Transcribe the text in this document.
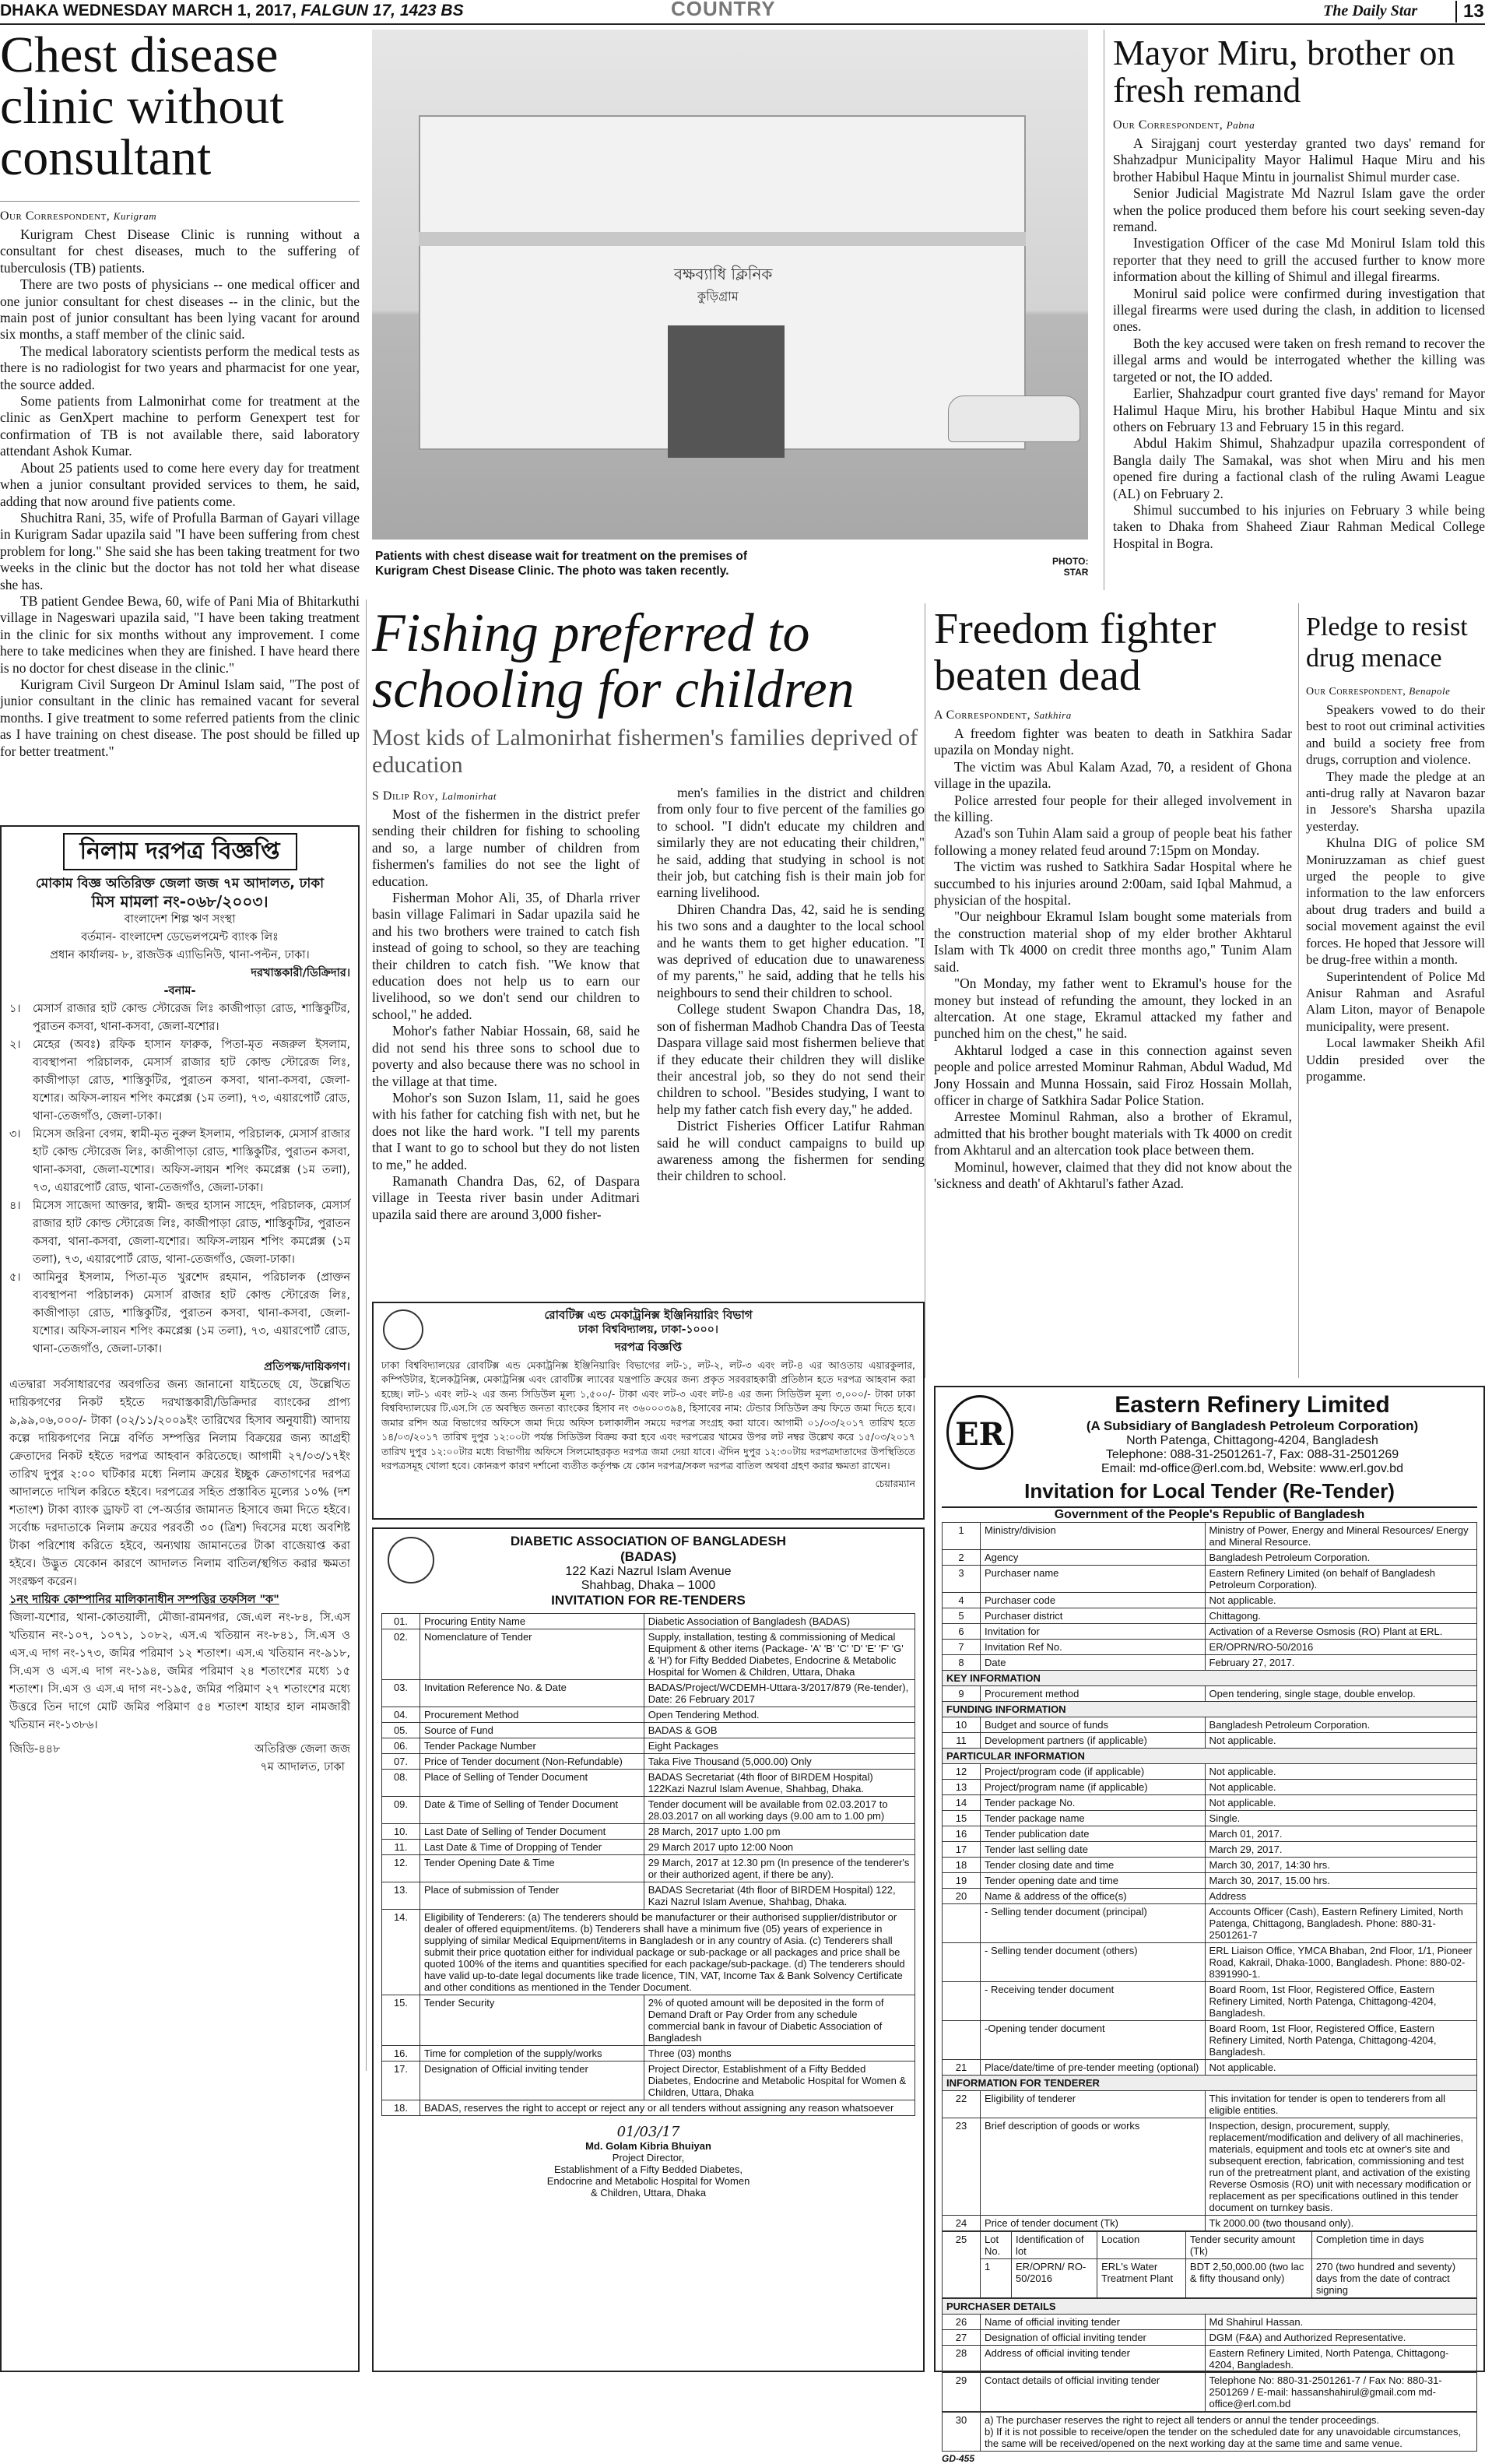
DHAKA WEDNESDAY MARCH 1, 2017, FALGUN 17, 1423 BS	COUNTRY	The Daily Star	13
Chest disease clinic without consultant
Our Correspondent, Kurigram

Kurigram Chest Disease Clinic is running without a consultant for chest diseases, much to the suffering of tuberculosis (TB) patients.

There are two posts of physicians -- one medical officer and one junior consultant for chest diseases -- in the clinic, but the main post of junior consultant has been lying vacant for around six months, a staff member of the clinic said.

The medical laboratory scientists perform the medical tests as there is no radiologist for two years and pharmacist for one year, the source added.

Some patients from Lalmonirhat come for treatment at the clinic as GenXpert machine to perform Genexpert test for confirmation of TB is not available there, said laboratory attendant Ashok Kumar.

About 25 patients used to come here every day for treatment when a junior consultant provided services to them, he said, adding that now around five patients come.

Shuchitra Rani, 35, wife of Profulla Barman of Gayari village in Kurigram Sadar upazila said "I have been suffering from chest problem for long." She said she has been taking treatment for two weeks in the clinic but the doctor has not told her what disease she has.

TB patient Gendee Bewa, 60, wife of Pani Mia of Bhitarkuthi village in Nageswari upazila said, "I have been taking treatment in the clinic for six months without any improvement. I come here to take medicines when they are finished. I have heard there is no doctor for chest disease in the clinic."

Kurigram Civil Surgeon Dr Aminul Islam said, "The post of junior consultant in the clinic has remained vacant for several months. I give treatment to some referred patients from the clinic as I have training on chest disease. The post should be filled up for better treatment."

বক্ষব্যাধি ক্লিনিক
কুড়িগ্রাম
Patients with chest disease wait for treatment on the premises of Kurigram Chest Disease Clinic. The photo was taken recently.
PHOTO:
STAR
Mayor Miru, brother on fresh remand
Our Correspondent, Pabna

A Sirajganj court yesterday granted two days' remand for Shahzadpur Municipality Mayor Halimul Haque Miru and his brother Habibul Haque Mintu in journalist Shimul murder case.

Senior Judicial Magistrate Md Nazrul Islam gave the order when the police produced them before his court seeking seven-day remand.

Investigation Officer of the case Md Monirul Islam told this reporter that they need to grill the accused further to know more information about the killing of Shimul and illegal firearms.

Monirul said police were confirmed during investigation that illegal firearms were used during the clash, in addition to licensed ones.

Both the key accused were taken on fresh remand to recover the illegal arms and would be interrogated whether the killing was targeted or not, the IO added.

Earlier, Shahzadpur court granted five days' remand for Mayor Halimul Haque Miru, his brother Habibul Haque Mintu and six others on February 13 and February 15 in this regard.

Abdul Hakim Shimul, Shahzadpur upazila correspondent of Bangla daily The Samakal, was shot when Miru and his men opened fire during a factional clash of the ruling Awami League (AL) on February 2.

Shimul succumbed to his injuries on February 3 while being taken to Dhaka from Shaheed Ziaur Rahman Medical College Hospital in Bogra.

Fishing preferred to schooling for children
Most kids of Lalmonirhat fishermen's families deprived of education
S Dilip Roy, Lalmonirhat

Most of the fishermen in the district prefer sending their children for fishing to schooling and so, a large number of children from fishermen's families do not see the light of education.

Fisherman Mohor Ali, 35, of Dharla rriver basin village Falimari in Sadar upazila said he and his two brothers were trained to catch fish instead of going to school, so they are teaching their children to catch fish. "We know that education does not help us to earn our livelihood, so we don't send our children to school," he added.

Mohor's father Nabiar Hossain, 68, said he did not send his three sons to school due to poverty and also because there was no school in the village at that time.

Mohor's son Suzon Islam, 11, said he goes with his father for catching fish with net, but he does not like the hard work. "I tell my parents that I want to go to school but they do not listen to me," he added.

Ramanath Chandra Das, 62, of Daspara village in Teesta river basin under Aditmari upazila said there are around 3,000 fisher-

men's families in the district and children from only four to five percent of the families go to school. "I didn't educate my children and similarly they are not educating their children," he said, adding that studying in school is not their job, but catching fish is their main job for earning livelihood.

Dhiren Chandra Das, 42, said he is sending his two sons and a daughter to the local school and he wants them to get higher education. "I was deprived of education due to unawareness of my parents," he said, adding that he tells his neighbours to send their children to school.

College student Swapon Chandra Das, 18, son of fisherman Madhob Chandra Das of Teesta Daspara village said most fishermen believe that if they educate their children they will dislike their ancestral job, so they do not send their children to school. "Besides studying, I want to help my father catch fish every day," he added.

District Fisheries Officer Latifur Rahman said he will conduct campaigns to build up awareness among the fishermen for sending their children to school.

Freedom fighter beaten dead
A Correspondent, Satkhira

A freedom fighter was beaten to death in Satkhira Sadar upazila on Monday night.

The victim was Abul Kalam Azad, 70, a resident of Ghona village in the upazila.

Police arrested four people for their alleged involvement in the killing.

Azad's son Tuhin Alam said a group of people beat his father following a money related feud around 7:15pm on Monday.

The victim was rushed to Satkhira Sadar Hospital where he succumbed to his injuries around 2:00am, said Iqbal Mahmud, a physician of the hospital.

"Our neighbour Ekramul Islam bought some materials from the construction material shop of my elder brother Akhtarul Islam with Tk 4000 on credit three months ago," Tunim Alam said.

"On Monday, my father went to Ekramul's house for the money but instead of refunding the amount, they locked in an altercation. At one stage, Ekramul attacked my father and punched him on the chest," he said.

Akhtarul lodged a case in this connection against seven people and police arrested Mominur Rahman, Abdul Wadud, Md Jony Hossain and Munna Hossain, said Firoz Hossain Mollah, officer in charge of Satkhira Sadar Police Station.

Arrestee Mominul Rahman, also a brother of Ekramul, admitted that his brother bought materials with Tk 4000 on credit from Akhtarul and an altercation took place between them.

Mominul, however, claimed that they did not know about the 'sickness and death' of Akhtarul's father Azad.

Pledge to resist drug menace
Our Correspondent, Benapole

Speakers vowed to do their best to root out criminal activities and build a society free from drugs, corruption and violence.

They made the pledge at an anti-drug rally at Navaron bazar in Jessore's Sharsha upazila yesterday.

Khulna DIG of police SM Moniruzzaman as chief guest urged the people to give information to the law enforcers about drug traders and build a social movement against the evil forces. He hoped that Jessore will be drug-free within a month.

Superintendent of Police Md Anisur Rahman and Asraful Alam Liton, mayor of Benapole municipality, were present.

Local lawmaker Sheikh Afil Uddin presided over the progamme.

নিলাম দরপত্র বিজ্ঞপ্তি
মোকাম বিজ্ঞ অতিরিক্ত জেলা জজ ৭ম আদালত, ঢাকা
মিস মামলা নং-০৬৮/২০০৩।
বাংলাদেশ শিল্প ঋণ সংস্থা
বর্তমান- বাংলাদেশ ডেভেলপমেন্ট ব্যাংক লিঃ
প্রধান কার্যালয়- ৮, রাজউক এ্যাভিনিউ, থানা-পল্টন, ঢাকা।
দরখাস্তকারী/ডিক্রিদার।
-বনাম-
১।	মেসার্স রাজার হাট কোল্ড স্টোরেজ লিঃ কাজীপাড়া রোড, শাস্তিকুটির, পুরাতন কসবা, থানা-কসবা, জেলা-যশোর।
২।	মেহের (অবঃ) রফিক হাসান ফারুক, পিতা-মৃত নজরুল ইসলাম, ব্যবস্থাপনা পরিচালক, মেসার্স রাজার হাট কোল্ড স্টোরেজ লিঃ, কাজীপাড়া রোড, শাস্তিকুটির, পুরাতন কসবা, থানা-কসবা, জেলা-যশোর। অফিস-লায়ন শপিং কমপ্লেক্স (১ম তলা), ৭৩, এয়ারপোর্ট রোড, থানা-তেজগাঁও, জেলা-ঢাকা।
৩।	মিসেস জরিনা বেগম, স্বামী-মৃত নুরুল ইসলাম, পরিচালক, মেসার্স রাজার হাট কোল্ড স্টোরেজ লিঃ, কাজীপাড়া রোড, শাস্তিকুটির, পুরাতন কসবা, থানা-কসবা, জেলা-যশোর। অফিস-লায়ন শপিং কমপ্লেক্স (১ম তলা), ৭৩, এয়ারপোর্ট রোড, থানা-তেজগাঁও, জেলা-ঢাকা।
৪।	মিসেস সাজেদা আক্তার, স্বামী- জহুর হাসান সাহেদ, পরিচালক, মেসার্স রাজার হাট কোল্ড স্টোরেজ লিঃ, কাজীপাড়া রোড, শাস্তিকুটির, পুরাতন কসবা, থানা-কসবা, জেলা-যশোর। অফিস-লায়ন শপিং কমপ্লেক্স (১ম তলা), ৭৩, এয়ারপোর্ট রোড, থানা-তেজগাঁও, জেলা-ঢাকা।
৫।	আমিনুর ইসলাম, পিতা-মৃত খুরশেদ রহমান, পরিচালক (প্রাক্তন ব্যবস্থাপনা পরিচালক) মেসার্স রাজার হাট কোল্ড স্টোরেজ লিঃ, কাজীপাড়া রোড, শাস্তিকুটির, পুরাতন কসবা, থানা-কসবা, জেলা-যশোর। অফিস-লায়ন শপিং কমপ্লেক্স (১ম তলা), ৭৩, এয়ারপোর্ট রোড, থানা-তেজগাঁও, জেলা-ঢাকা।
প্রতিপক্ষ/দায়িকগণ।
এতদ্বারা সর্বসাধারণের অবগতির জন্য জানানো যাইতেছে যে, উল্লেখিত দায়িকগণের নিকট হইতে দরখাস্তকারী/ডিক্রিদার ব্যাংকের প্রাপ্য ৯,৯৯,০৬,০০০/- টাকা (০২/১১/২০০৯ইং তারিখের হিসাব অনুযায়ী) আদায় কল্পে দায়িকগণের নিম্নে বর্ণিত সম্পত্তির নিলাম বিক্রয়ের জন্য আগ্রহী ক্রেতাদের নিকট হইতে দরপত্র আহবান করিতেছে। আগামী ২৭/০৩/১৭ইং তারিখ দুপুর ২:০০ ঘটিকার মধ্যে নিলাম ক্রয়ের ইচ্ছুক ক্রেতাগণের দরপত্র আদালতে দাখিল করিতে হইবে। দরপত্রের সহিত প্রস্তাবিত মূল্যের ১০% (দশ শতাংশ) টাকা ব্যাংক ড্রাফট বা পে-অর্ডার জামানত হিসাবে জমা দিতে হইবে। সর্বোচ্চ দরদাতাকে নিলাম ক্রয়ের পরবর্তী ৩০ (ত্রিশ) দিবসের মধ্যে অবশিষ্ট টাকা পরিশোধ করিতে হইবে, অন্যথায় জামানতের টাকা বাজেয়াপ্ত করা হইবে। উদ্ভুত যেকোন কারণে আদালত নিলাম বাতিল/স্থগিত করার ক্ষমতা সংরক্ষণ করেন।
১নং দায়িক কোম্পানির মালিকানাধীন সম্পত্তির তফসিল "ক"
জিলা-যশোর, থানা-কোতয়ালী, মৌজা-রামনগর, জে.এল নং-৮৪, সি.এস খতিয়ান নং-১০৭, ১০৭১, ১০৮২, এস.এ খতিয়ান নং-৮৪১, সি.এস ও এস.এ দাগ নং-১৭৩, জমির পরিমাণ ১২ শতাংশ। এস.এ খতিয়ান নং-৯১৮, সি.এস ও এস.এ দাগ নং-১৯৪, জমির পরিমাণ ২৪ শতাংশের মধ্যে ১৫ শতাংশ। সি.এস ও এস.এ দাগ নং-১৯৫, জমির পরিমাণ ২৭ শতাংশের মধ্যে উত্তরে তিন দাগে মোট জমির পরিমাণ ৫৪ শতাংশ যাহার হাল নামজারী খতিয়ান নং-১৩৮৬।
জিডি-৪৪৮	অতিরিক্ত জেলা জজ
৭ম আদালত, ঢাকা
রোবটিক্স এন্ড মেকাট্রনিক্স ইঞ্জিনিয়ারিং বিভাগ
ঢাকা বিশ্ববিদ্যালয়, ঢাকা-১০০০।
দরপত্র বিজ্ঞপ্তি
ঢাকা বিশ্ববিদ্যালয়ের রোবটিক্স এন্ড মেকাট্রনিক্স ইঞ্জিনিয়ারিং বিভাগের লট-১, লট-২, লট-৩ এবং লট-৪ এর আওতায় এয়ারকুলার, কম্পিউটার, ইলেকট্রনিক্স, মেকাট্রনিক্স এবং রোবটিক্স ল্যাবের যন্ত্রপাতি ক্রয়ের জন্য প্রকৃত সরবরাহকারী প্রতিষ্ঠান হতে দরপত্র আহবান করা হচ্ছে। লট-১ এবং লট-২ এর জন্য সিডিউল মূল্য ১,৫০০/- টাকা এবং লট-৩ এবং লট-৪ এর জন্য সিডিউল মূল্য ৩,০০০/- টাকা ঢাকা বিশ্ববিদ্যালয়ের টি.এস.সি তে অবস্থিত জনতা ব্যাংকের হিসাব নং ৩৬০০০৩৯৪, হিসাবের নাম: টেন্ডার সিডিউল ক্রয় ফিতে জমা দিতে হবে। জমার রশিদ অত্র বিভাগের অফিসে জমা দিয়ে অফিস চলাকালীন সময়ে দরপত্র সংগ্রহ করা যাবে। আগামী ০১/০৩/২০১৭ তারিখ হতে ১৪/০৩/২০১৭ তারিখ দুপুর ১২:০০টা পর্যন্ত সিডিউল বিক্রয় করা হবে এবং দরপত্রের খামের উপর লট নম্বর উল্লেখ করে ১৫/০৩/২০১৭ তারিখ দুপুর ১২:০০টার মধ্যে বিভাগীয় অফিসে সিলমোহরকৃত দরপত্র জমা দেয়া যাবে। ঐদিন দুপুর ১২:৩০টায় দরপত্রদাতাদের উপস্থিতিতে দরপত্রসমূহ খোলা হবে। কোনরূপ কারণ দর্শানো ব্যতীত কর্তৃপক্ষ যে কোন দরপত্র/সকল দরপত্র বাতিল অথবা গ্রহণ করার ক্ষমতা রাখেন।
চেয়ারম্যান
DIABETIC ASSOCIATION OF BANGLADESH
(BADAS)
122 Kazi Nazrul Islam Avenue
Shahbag, Dhaka – 1000
INVITATION FOR RE-TENDERS
01.	Procuring Entity Name	Diabetic Association of Bangladesh (BADAS)
02.	Nomenclature of Tender	Supply, installation, testing & commissioning of Medical Equipment & other items (Package- 'A' 'B' 'C' 'D' 'E' 'F' 'G' & 'H') for Fifty Bedded Diabetes, Endocrine & Metabolic Hospital for Women & Children, Uttara, Dhaka
03.	Invitation Reference No. & Date	BADAS/Project/WCDEMH-Uttara-3/2017/879 (Re-tender), Date: 26 February 2017
04.	Procurement Method	Open Tendering Method.
05.	Source of Fund	BADAS & GOB
06.	Tender Package Number	Eight Packages
07.	Price of Tender document (Non-Refundable)	Taka Five Thousand (5,000.00) Only
08.	Place of Selling of Tender Document	BADAS Secretariat (4th floor of BIRDEM Hospital) 122Kazi Nazrul Islam Avenue, Shahbag, Dhaka.
09.	Date & Time of Selling of Tender Document	Tender document will be available from 02.03.2017 to 28.03.2017 on all working days (9.00 am to 1.00 pm)
10.	Last Date of Selling of Tender Document	28 March, 2017 upto 1.00 pm
11.	Last Date & Time of Dropping of Tender	29 March 2017 upto 12:00 Noon
12.	Tender Opening Date & Time	29 March, 2017 at 12.30 pm (In presence of the tenderer's or their authorized agent, if there be any).
13.	Place of submission of Tender	BADAS Secretariat (4th floor of BIRDEM Hospital) 122, Kazi Nazrul Islam Avenue, Shahbag, Dhaka.
14.	Eligibility of Tenderers: (a) The tenderers should be manufacturer or their authorised supplier/distributor or dealer of offered equipment/items. (b) Tenderers shall have a minimum five (05) years of experience in supplying of similar Medical Equipment/items in Bangladesh or in any country of Asia. (c) Tenderers shall submit their price quotation either for individual package or sub-package or all packages and price shall be quoted 100% of the items and quantities specified for each package/sub-package. (d) The tenderers should have valid up-to-date legal documents like trade licence, TIN, VAT, Income Tax & Bank Solvency Certificate and other conditions as mentioned in the Tender Document.	
15.	Tender Security	2% of quoted amount will be deposited in the form of Demand Draft or Pay Order from any schedule commercial bank in favour of Diabetic Association of Bangladesh
16.	Time for completion of the supply/works	Three (03) months
17.	Designation of Official inviting tender	Project Director, Establishment of a Fifty Bedded Diabetes, Endocrine and Metabolic Hospital for Women & Children, Uttara, Dhaka
18.	BADAS, reserves the right to accept or reject any or all tenders without assigning any reason whatsoever	
01/03/17
Md. Golam Kibria Bhuiyan
Project Director,
Establishment of a Fifty Bedded Diabetes,
Endocrine and Metabolic Hospital for Women
& Children, Uttara, Dhaka
ER
Eastern Refinery Limited
(A Subsidiary of Bangladesh Petroleum Corporation)
North Patenga, Chittagong-4204, Bangladesh
Telephone: 088-31-2501261-7, Fax: 088-31-2501269
Email: md-office@erl.com.bd, Website: www.erl.gov.bd
Invitation for Local Tender (Re-Tender)
Government of the People's Republic of Bangladesh
1	Ministry/division	Ministry of Power, Energy and Mineral Resources/ Energy and Mineral Resource.
2	Agency	Bangladesh Petroleum Corporation.
3	Purchaser name	Eastern Refinery Limited (on behalf of Bangladesh Petroleum Corporation).
4	Purchaser code	Not applicable.
5	Purchaser district	Chittagong.
6	Invitation for	Activation of a Reverse Osmosis (RO) Plant at ERL.
7	Invitation Ref No.	ER/OPRN/RO-50/2016
8	Date	February 27, 2017.
KEY INFORMATION		
9	Procurement method	Open tendering, single stage, double envelop.
FUNDING INFORMATION		
10	Budget and source of funds	Bangladesh Petroleum Corporation.
11	Development partners (if applicable)	Not applicable.
PARTICULAR INFORMATION		
12	Project/program code (if applicable)	Not applicable.
13	Project/program name (if applicable)	Not applicable.
14	Tender package No.	Not applicable.
15	Tender package name	Single.
16	Tender publication date	March 01, 2017.
17	Tender last selling date	March 29, 2017.
18	Tender closing date and time	March 30, 2017, 14:30 hrs.
19	Tender opening date and time	March 30, 2017, 15.00 hrs.
20	Name & address of the office(s)	Address
	- Selling tender document (principal)	Accounts Officer (Cash), Eastern Refinery Limited, North Patenga, Chittagong, Bangladesh. Phone: 880-31-2501261-7
	- Selling tender document (others)	ERL Liaison Office, YMCA Bhaban, 2nd Floor, 1/1, Pioneer Road, Kakrail, Dhaka-1000, Bangladesh. Phone: 880-02-8391990-1.
	- Receiving tender document	Board Room, 1st Floor, Registered Office, Eastern Refinery Limited, North Patenga, Chittagong-4204, Bangladesh.
	-Opening tender document	Board Room, 1st Floor, Registered Office, Eastern Refinery Limited, North Patenga, Chittagong-4204, Bangladesh.
21	Place/date/time of pre-tender meeting (optional)	Not applicable.
INFORMATION FOR TENDERER		
22	Eligibility of tenderer	This invitation for tender is open to tenderers from all eligible entities.
23	Brief description of goods or works	Inspection, design, procurement, supply, replacement/modification and delivery of all machineries, materials, equipment and tools etc at owner's site and subsequent erection, fabrication, commissioning and test run of the pretreatment plant, and activation of the existing Reverse Osmosis (RO) unit with necessary modification or replacement as per specifications outlined in this tender document on turnkey basis.
24	Price of tender document (Tk)	Tk 2000.00 (two thousand only).
25	Lot No.	Identification of lot	Location	Tender security amount (Tk)	Completion time in days
	1	ER/OPRN/ RO-50/2016	ERL's Water Treatment Plant	BDT 2,50,000.00 (two lac & fifty thousand only)	270 (two hundred and seventy) days from the date of contract signing
PURCHASER DETAILS		
26	Name of official inviting tender	Md Shahirul Hassan.
27	Designation of official inviting tender	DGM (F&A) and Authorized Representative.
28	Address of official inviting tender	Eastern Refinery Limited, North Patenga, Chittagong-4204, Bangladesh.
29	Contact details of official inviting tender	Telephone No: 880-31-2501261-7 / Fax No: 880-31-2501269 / E-mail: hassanshahirul@gmail.com md-office@erl.com.bd
30	a) The purchaser reserves the right to reject all tenders or annul the tender proceedings.
b) If it is not possible to receive/open the tender on the scheduled date for any unavoidable circumstances, the same will be received/opened on the next working day at the same time and same venue.
GD-455
